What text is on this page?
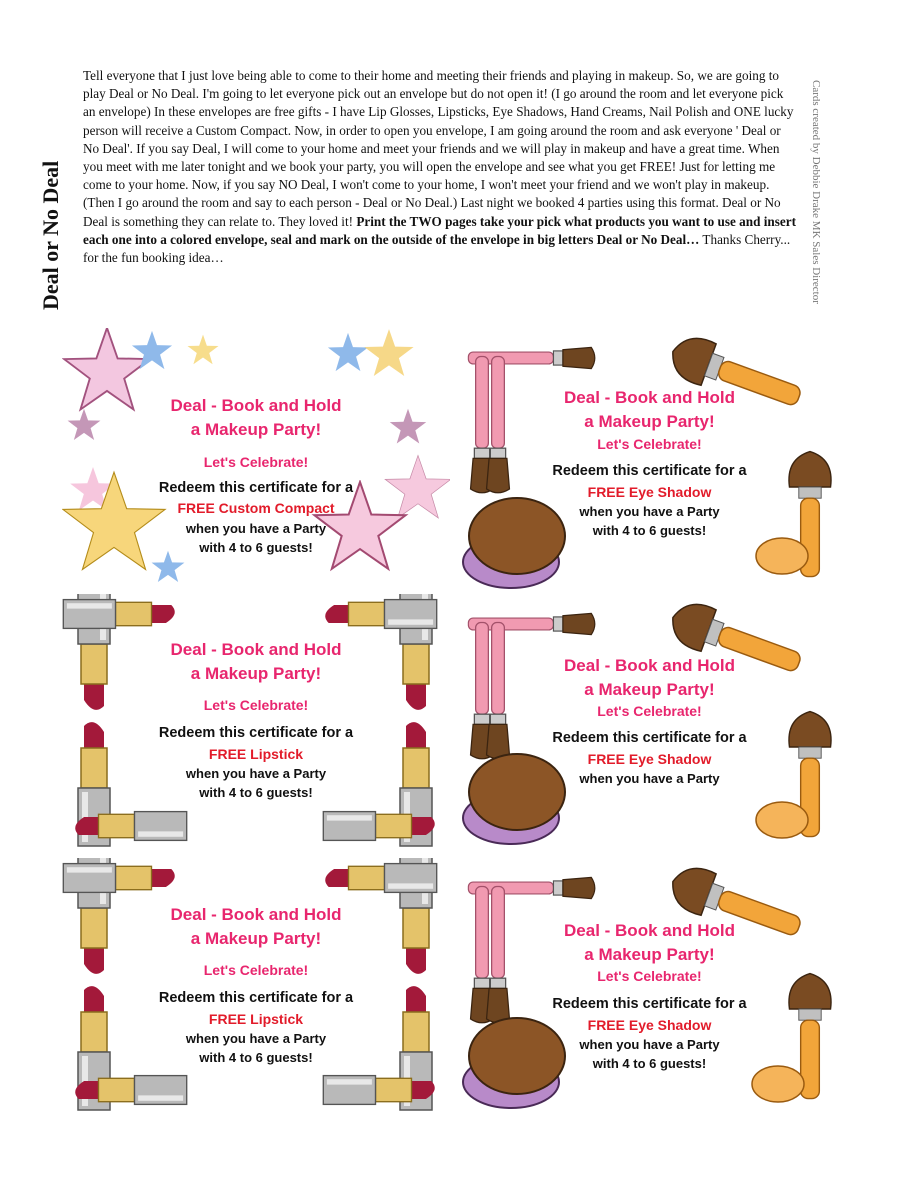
Deal or No Deal	Cards created by Debbie Drake MK Sales Director
Tell everyone that I just love being able to come to their home and meeting their friends and playing in makeup. So, we are going to play Deal or No Deal. I'm going to let everyone pick out an envelope but do not open it! (I go around the room and let everyone pick an envelope) In these envelopes are free gifts - I have Lip Glosses, Lipsticks, Eye Shadows, Hand Creams, Nail Polish and ONE lucky person will receive a Custom Compact. Now, in order to open you envelope, I am going around the room and ask everyone ' Deal or No Deal'. If you say Deal, I will come to your home and meet your friends and we will play in makeup and have a great time. When you meet with me later tonight and we book your party, you will open the envelope and see what you get FREE! Just for letting me come to your home. Now, if you say NO Deal, I won't come to your home, I won't meet your friend and we won't play in makeup. (Then I go around the room and say to each person - Deal or No Deal.) Last night we booked 4 parties using this format. Deal or No Deal is something they can relate to. They loved it! Print the TWO pages take your pick what products you want to use and insert each one into a colored envelope, seal and mark on the outside of the envelope in big letters Deal or No Deal… Thanks Cherry... for the fun booking idea…
Deal - Book and Hold
a Makeup Party!
Let's Celebrate!
Redeem this certificate for a
FREE Custom Compact
when you have a Party
with 4 to 6 guests!
Deal - Book and Hold
a Makeup Party!
Let's Celebrate!
Redeem this certificate for a
FREE Eye Shadow
when you have a Party
with 4 to 6 guests!
Deal - Book and Hold
a Makeup Party!
Let's Celebrate!
Redeem this certificate for a
FREE Lipstick
when you have a Party
with 4 to 6 guests!
Deal - Book and Hold
a Makeup Party!
Let's Celebrate!
Redeem this certificate for a
FREE Eye Shadow
when you have a Party
Deal - Book and Hold
a Makeup Party!
Let's Celebrate!
Redeem this certificate for a
FREE Lipstick
when you have a Party
with 4 to 6 guests!
Deal - Book and Hold
a Makeup Party!
Let's Celebrate!
Redeem this certificate for a
FREE Eye Shadow
when you have a Party
with 4 to 6 guests!
